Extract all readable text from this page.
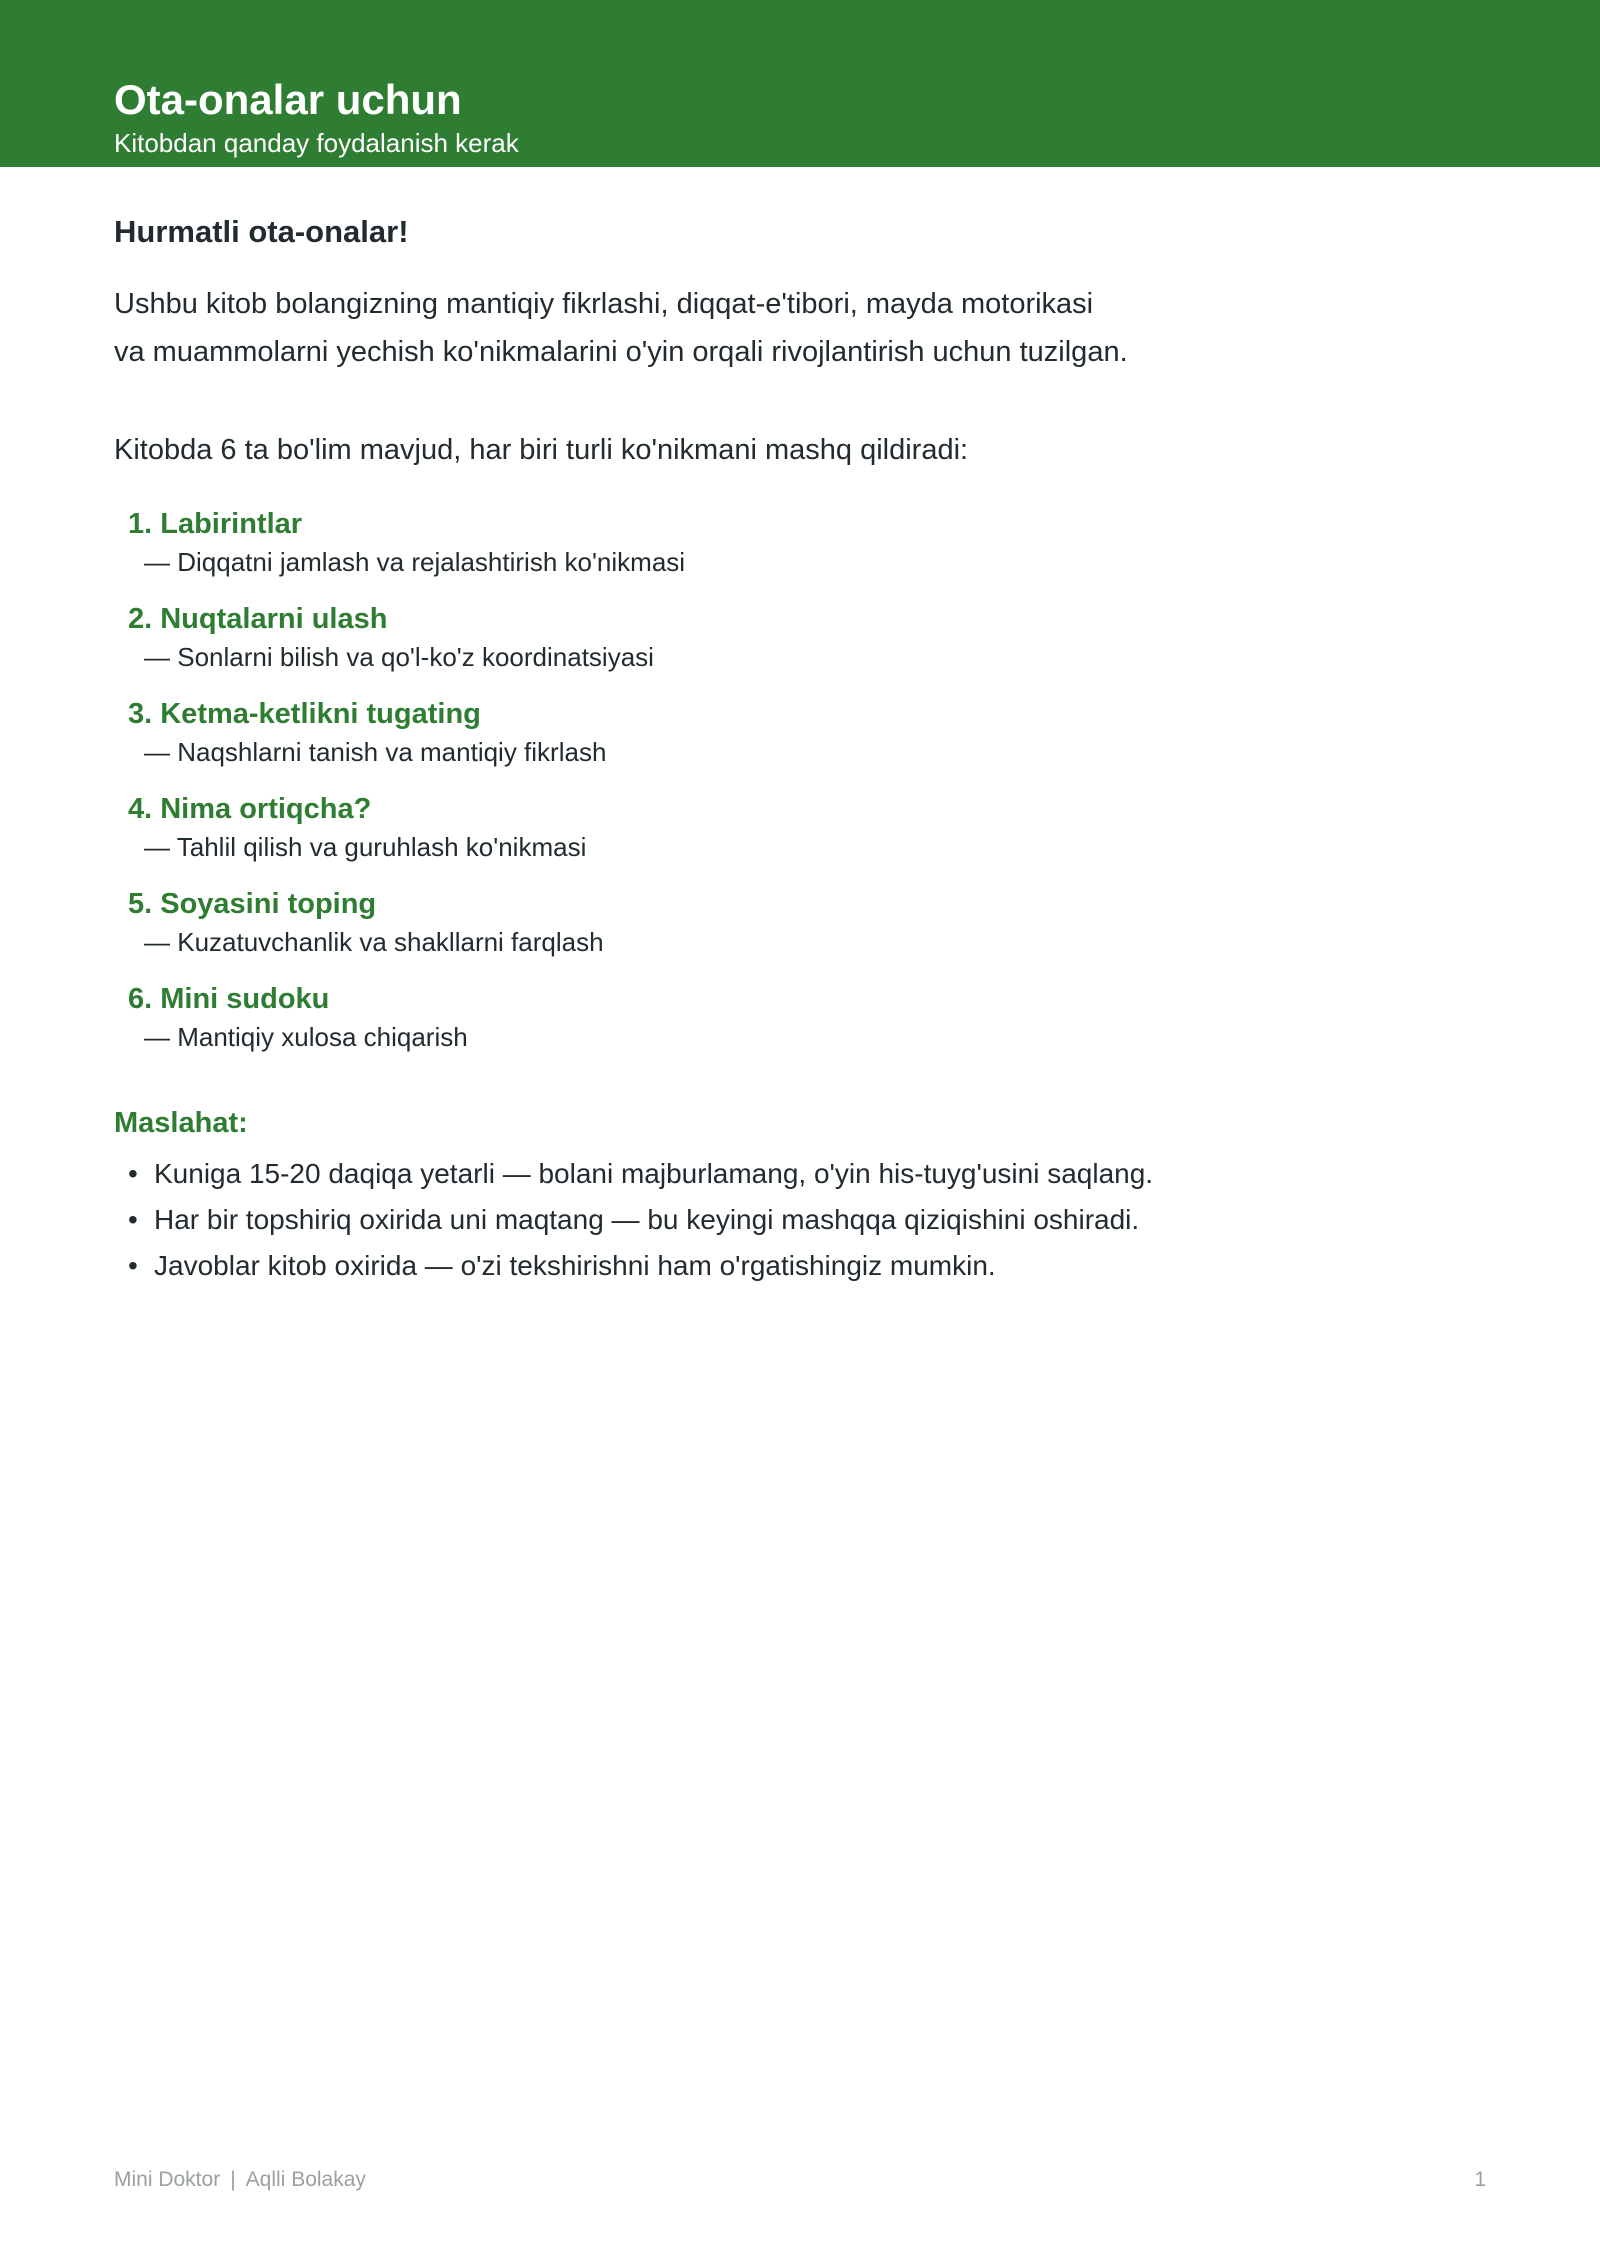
Ota-onalar uchun
Kitobdan qanday foydalanish kerak
Hurmatli ota-onalar!
Ushbu kitob bolangizning mantiqiy fikrlashi, diqqat-e'tibori, mayda motorikasi
va muammolarni yechish ko'nikmalarini o'yin orqali rivojlantirish uchun tuzilgan.
Kitobda 6 ta bo'lim mavjud, har biri turli ko'nikmani mashq qildiradi:
1. Labirintlar
— Diqqatni jamlash va rejalashtirish ko'nikmasi
2. Nuqtalarni ulash
— Sonlarni bilish va qo'l-ko'z koordinatsiyasi
3. Ketma-ketlikni tugating
— Naqshlarni tanish va mantiqiy fikrlash
4. Nima ortiqcha?
— Tahlil qilish va guruhlash ko'nikmasi
5. Soyasini toping
— Kuzatuvchanlik va shakllarni farqlash
6. Mini sudoku
— Mantiqiy xulosa chiqarish
Maslahat:
• Kuniga 15-20 daqiqa yetarli — bolani majburlamang, o'yin his-tuyg'usini saqlang.
• Har bir topshiriq oxirida uni maqtang — bu keyingi mashqqa qiziqishini oshiradi.
• Javoblar kitob oxirida — o'zi tekshirishni ham o'rgatishingiz mumkin.
Mini Doktor | Aqlli Bolakay	1
